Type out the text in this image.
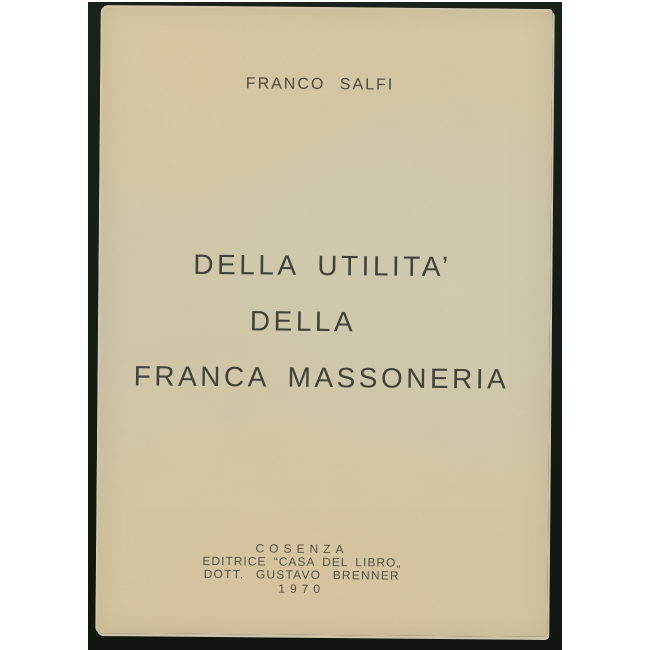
FRANCO SALFI
DELLA UTILITA’
DELLA
FRANCA MASSONERIA
COSENZA
EDITRICE “CASA DEL LIBRO„
DOTT. GUSTAVO BRENNER
1970
